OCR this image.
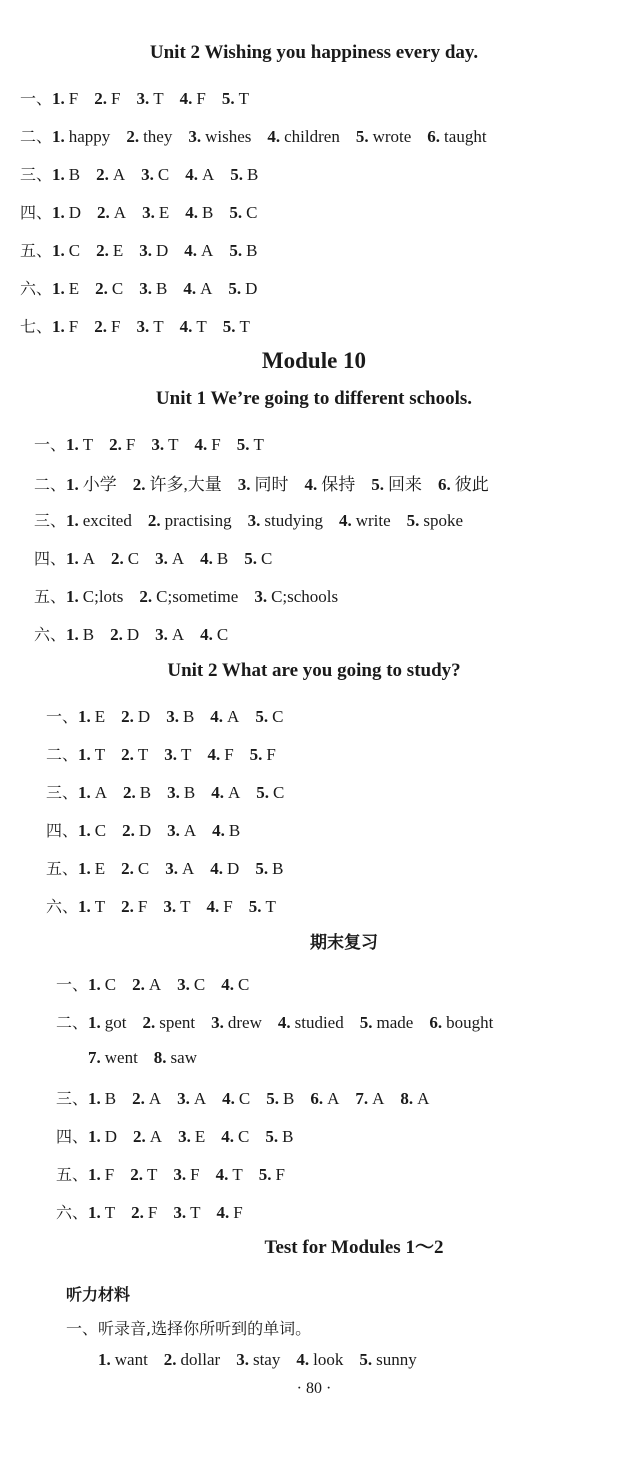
Unit 2 Wishing you happiness every day.
Module 10
Unit 1 We’re going to different schools.
Unit 2 What are you going to study?
期末复习
Test for Modules 1～2
听力材料
一、听录音,选择你所听到的单词。
1. want 2. dollar 3. stay 4. look 5. sunny
· 80 ·
一、1. F 2. F 3. T 4. F 5. T
二、1. happy 2. they 3. wishes 4. children 5. wrote 6. taught
三、1. B 2. A 3. C 4. A 5. B
四、1. D 2. A 3. E 4. B 5. C
五、1. C 2. E 3. D 4. A 5. B
六、1. E 2. C 3. B 4. A 5. D
七、1. F 2. F 3. T 4. T 5. T
一、1. T 2. F 3. T 4. F 5. T
二、1. 小学 2. 许多,大量 3. 同时 4. 保持 5. 回来 6. 彼此
三、1. excited 2. practising 3. studying 4. write 5. spoke
四、1. A 2. C 3. A 4. B 5. C
五、1. C;lots 2. C;sometime 3. C;schools
六、1. B 2. D 3. A 4. C
一、1. E 2. D 3. B 4. A 5. C
二、1. T 2. T 3. T 4. F 5. F
三、1. A 2. B 3. B 4. A 5. C
四、1. C 2. D 3. A 4. B
五、1. E 2. C 3. A 4. D 5. B
六、1. T 2. F 3. T 4. F 5. T
一、1. C 2. A 3. C 4. C
二、1. got 2. spent 3. drew 4. studied 5. made 6. bought
7. went 8. saw
三、1. B 2. A 3. A 4. C 5. B 6. A 7. A 8. A
四、1. D 2. A 3. E 4. C 5. B
五、1. F 2. T 3. F 4. T 5. F
六、1. T 2. F 3. T 4. F
